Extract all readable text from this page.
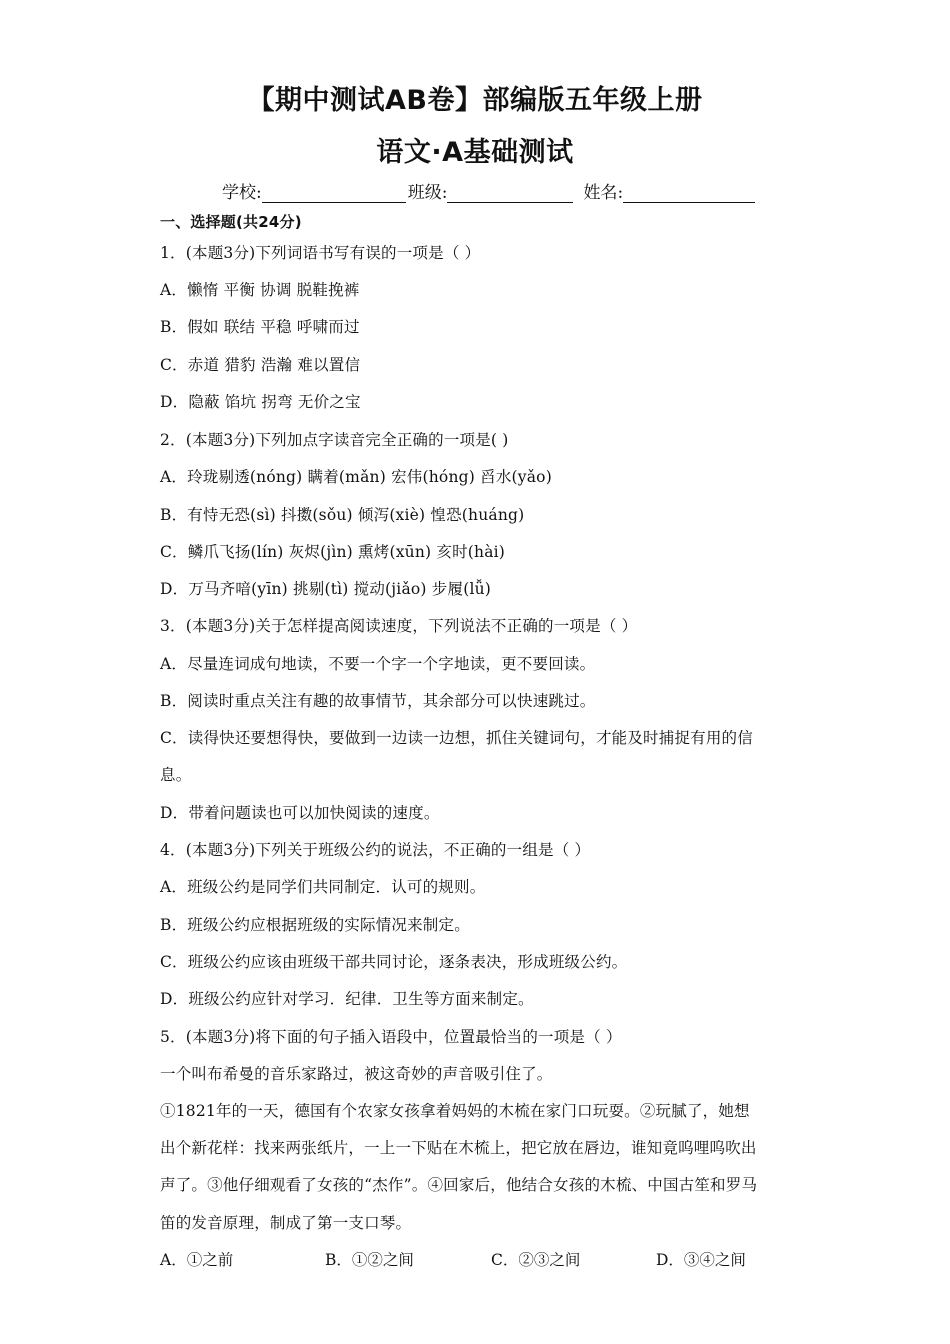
【期中测试AB卷】部编版五年级上册
语文·A基础测试
学校:	班级:	姓名:
一、选择题(共24分)
1．(本题3分)下列词语书写有误的一项是（ ）
A．懒惰 平衡 协调 脱鞋挽裤
B．假如 联结 平稳 呼啸而过
C．赤道 猎豹 浩瀚 难以置信
D．隐蔽 馅坑 拐弯 无价之宝
2．(本题3分)下列加点字读音完全正确的一项是( )
A．玲珑剔透(nóng) 瞒着(mǎn) 宏伟(hóng) 舀水(yǎo)
B．有恃无恐(sì) 抖擞(sǒu) 倾泻(xiè) 惶恐(huáng)
C．鳞爪飞扬(lín) 灰烬(jìn) 熏烤(xūn) 亥时(hài)
D．万马齐喑(yīn) 挑剔(tì) 搅动(jiǎo) 步履(lǚ)
3．(本题3分)关于怎样提高阅读速度，下列说法不正确的一项是（ ）
A．尽量连词成句地读，不要一个字一个字地读，更不要回读。
B．阅读时重点关注有趣的故事情节，其余部分可以快速跳过。
C．读得快还要想得快，要做到一边读一边想，抓住关键词句，才能及时捕捉有用的信
息。
D．带着问题读也可以加快阅读的速度。
4．(本题3分)下列关于班级公约的说法，不正确的一组是（ ）
A．班级公约是同学们共同制定．认可的规则。
B．班级公约应根据班级的实际情况来制定。
C．班级公约应该由班级干部共同讨论，逐条表决，形成班级公约。
D．班级公约应针对学习．纪律．卫生等方面来制定。
5．(本题3分)将下面的句子插入语段中，位置最恰当的一项是（ ）
一个叫布希曼的音乐家路过，被这奇妙的声音吸引住了。
①1821年的一天，德国有个农家女孩拿着妈妈的木梳在家门口玩耍。②玩腻了，她想
出个新花样：找来两张纸片，一上一下贴在木梳上，把它放在唇边，谁知竟呜哩呜吹出
声了。③他仔细观看了女孩的“杰作”。④回家后，他结合女孩的木梳、中国古笙和罗马
笛的发音原理，制成了第一支口琴。
A．①之前	B．①②之间	C．②③之间	D．③④之间
